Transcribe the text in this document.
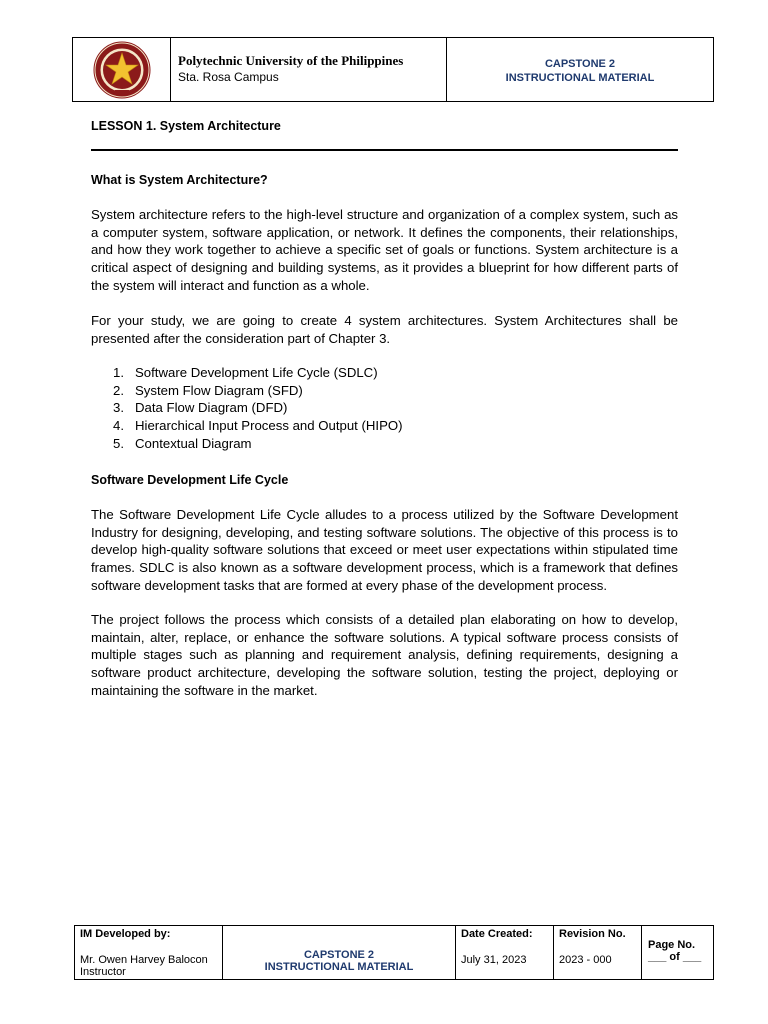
Polytechnic University of the Philippines
Sta. Rosa Campus
CAPSTONE 2
INSTRUCTIONAL MATERIAL
LESSON 1. System Architecture
What is System Architecture?

System architecture refers to the high-level structure and organization of a complex system, such as a computer system, software application, or network. It defines the components, their relationships, and how they work together to achieve a specific set of goals or functions. System architecture is a critical aspect of designing and building systems, as it provides a blueprint for how different parts of the system will interact and function as a whole.

For your study, we are going to create 4 system architectures. System Architectures shall be presented after the consideration part of Chapter 3.

1. Software Development Life Cycle (SDLC)
2. System Flow Diagram (SFD)
3. Data Flow Diagram (DFD)
4. Hierarchical Input Process and Output (HIPO)
5. Contextual Diagram
Software Development Life Cycle

The Software Development Life Cycle alludes to a process utilized by the Software Development Industry for designing, developing, and testing software solutions. The objective of this process is to develop high-quality software solutions that exceed or meet user expectations within stipulated time frames. SDLC is also known as a software development process, which is a framework that defines software development tasks that are formed at every phase of the development process.

The project follows the process which consists of a detailed plan elaborating on how to develop, maintain, alter, replace, or enhance the software solutions. A typical software process consists of multiple stages such as planning and requirement analysis, defining requirements, designing a software product architecture, developing the software solution, testing the project, deploying or maintaining the software in the market.

IM Developed by:
Mr. Owen Harvey Balocon
Instructor
CAPSTONE 2
INSTRUCTIONAL MATERIAL
Date Created:
July 31, 2023
Revision No.
2023 - 000
Page No.
___ of ___
